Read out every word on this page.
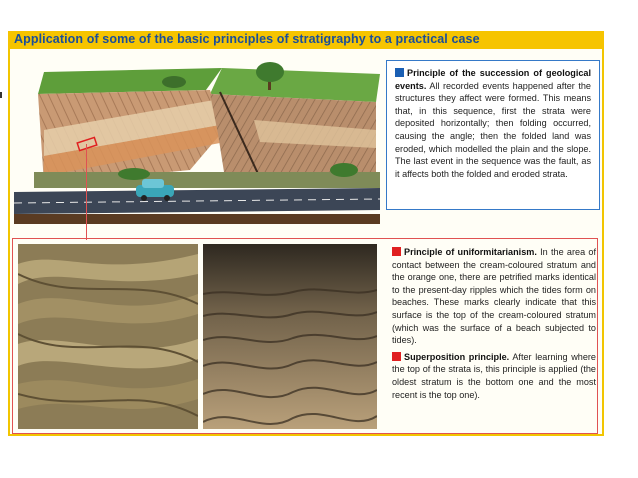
Application of some of the basic principles of stratigraphy to a practical case

Principle of the succession of geological events. All recorded events happened after the structures they affect were formed. This means that, in this sequence, first the strata were deposited horizontally; then folding occurred, causing the angle; then the folded land was eroded, which modelled the plain and the slope. The last event in the sequence was the fault, as it affects both the folded and eroded strata.

Principle of uniformitarianism. In the area of contact between the cream-coloured stratum and the orange one, there are petrified marks identical to the present-day ripples which the tides form on beaches. These marks clearly indicate that this surface is the top of the cream-coloured stratum (which was the surface of a beach subjected to tides).

Superposition principle. After learning where the top of the strata is, this principle is applied (the oldest stratum is the bottom one and the most recent is the top one).
